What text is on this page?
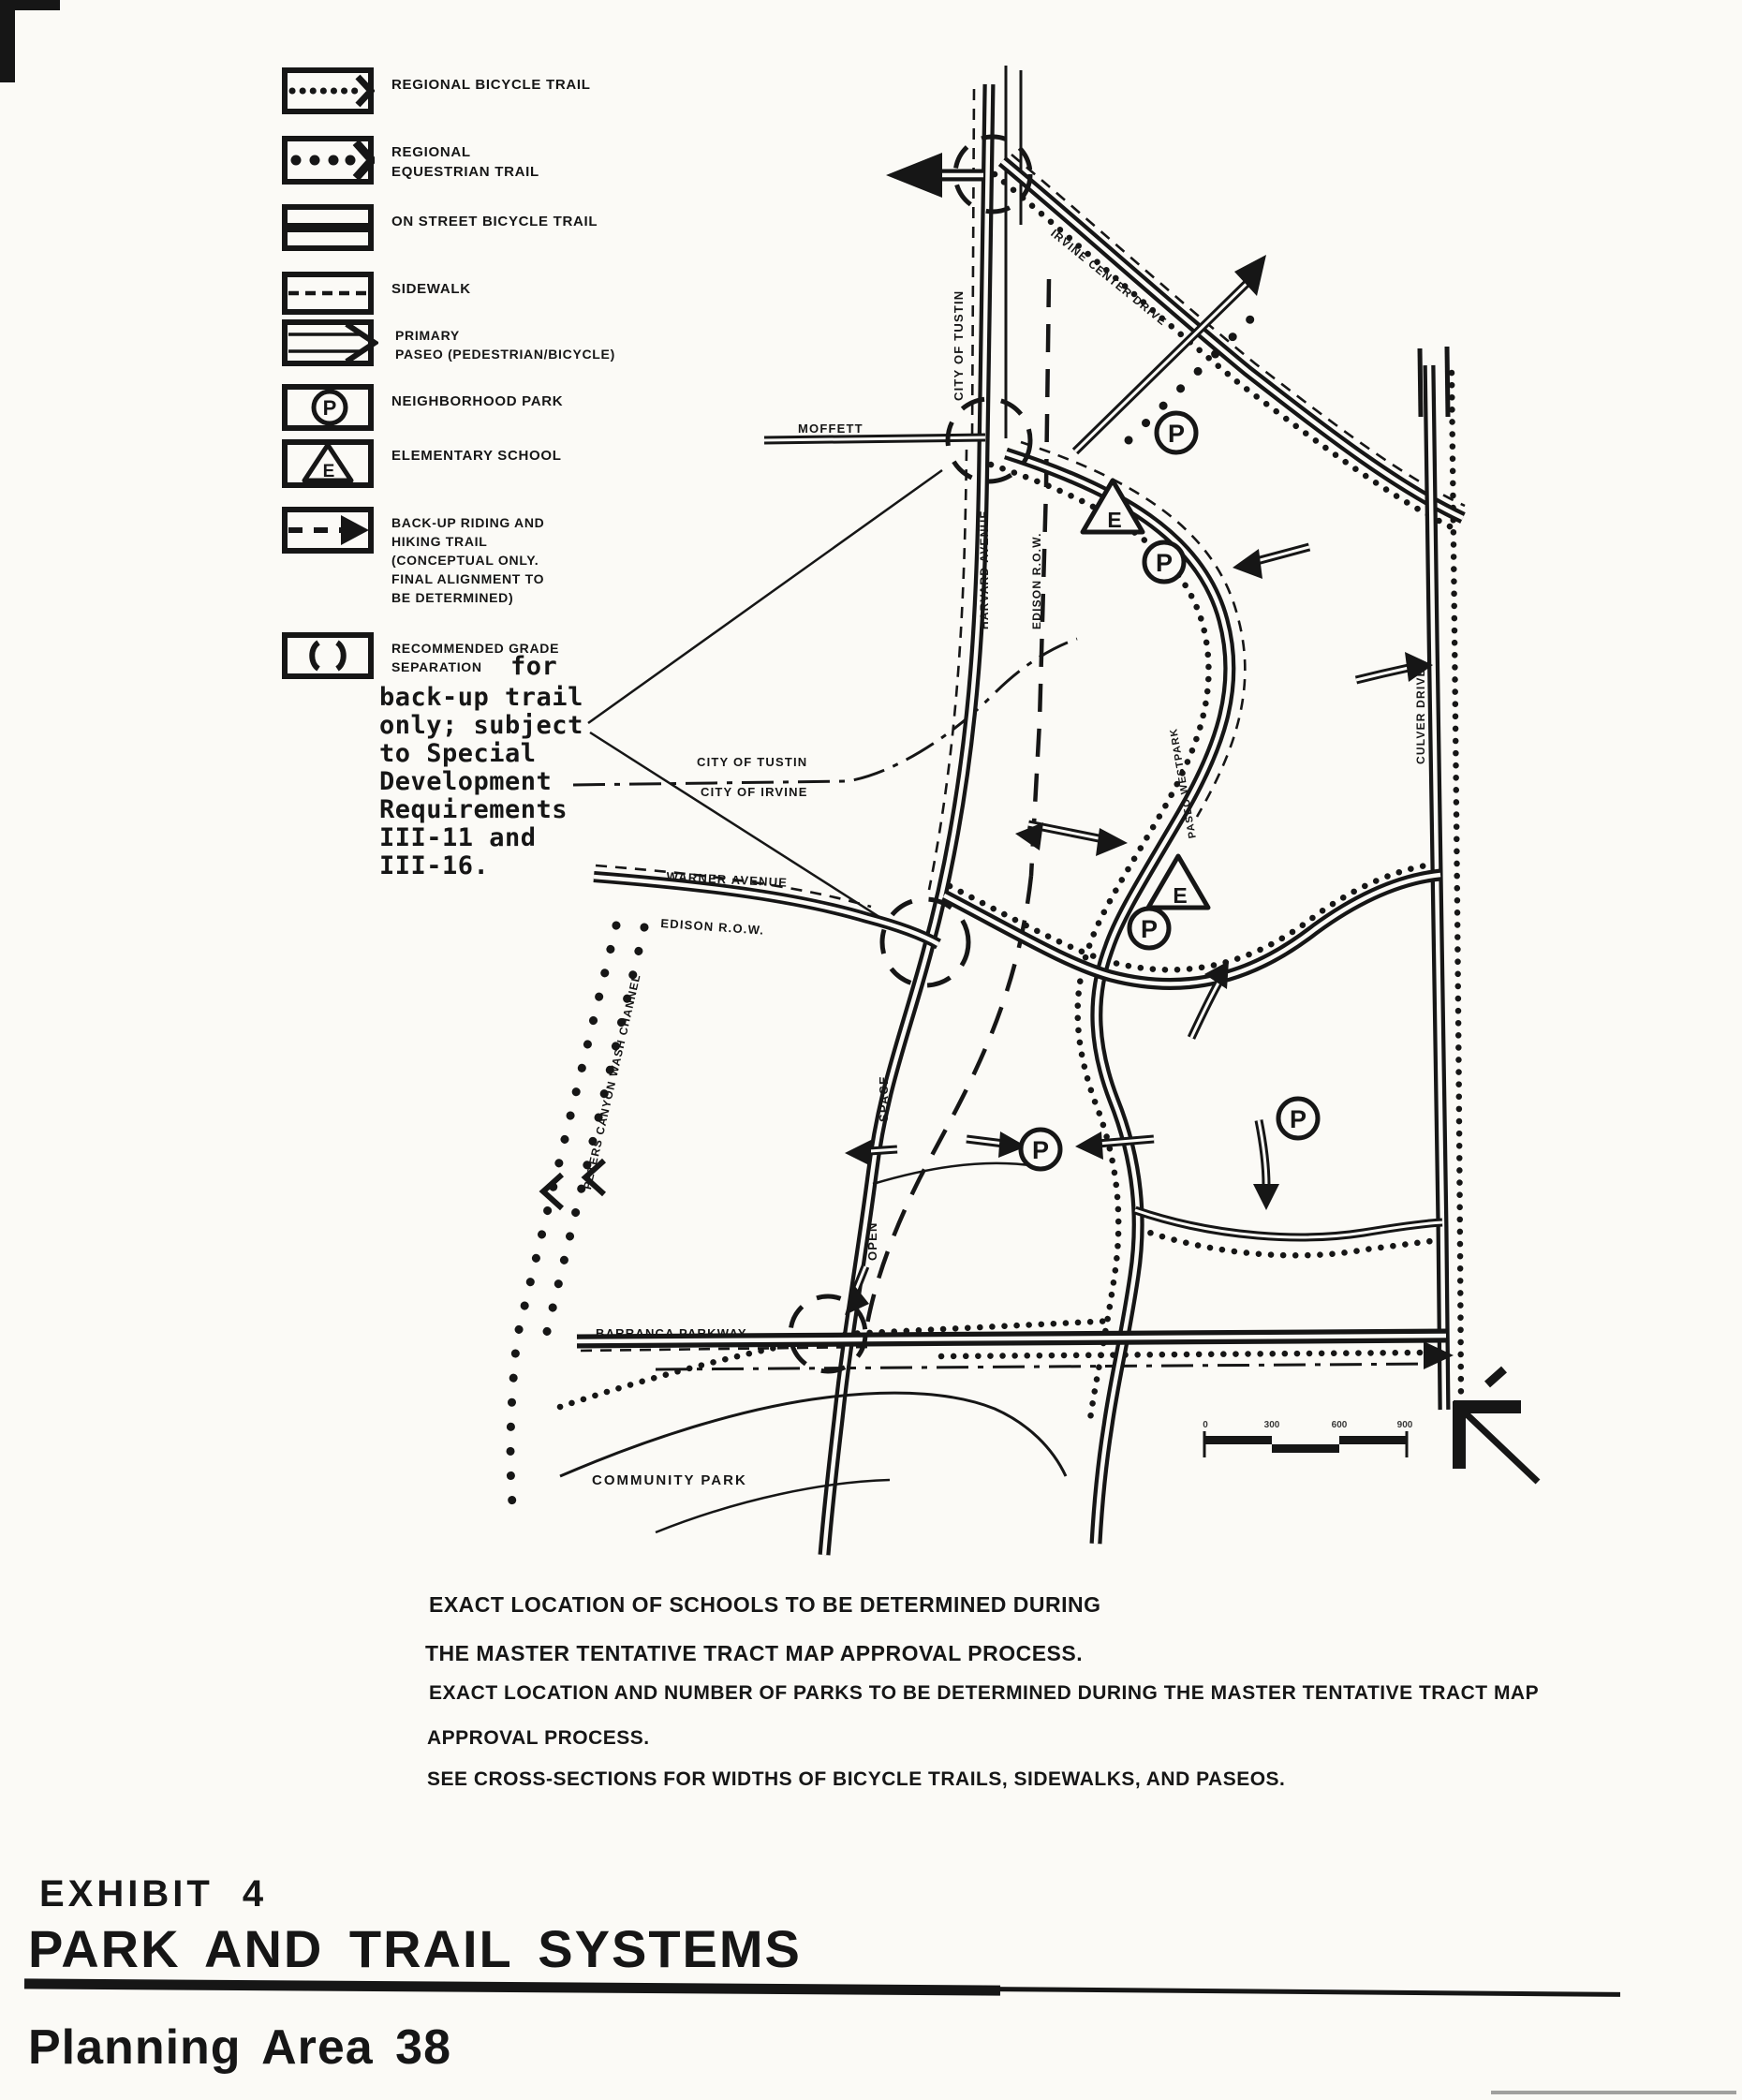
P
P
P
P
P
E
E
0	300	600	900
REGIONAL BICYCLE TRAIL
REGIONAL
EQUESTRIAN TRAIL
ON STREET BICYCLE TRAIL
SIDEWALK
PRIMARY
PASEO (PEDESTRIAN/BICYCLE)
P	NEIGHBORHOOD PARK
E
ELEMENTARY SCHOOL
BACK-UP RIDING AND
HIKING TRAIL
(CONCEPTUAL ONLY.
FINAL ALIGNMENT TO
BE DETERMINED)
RECOMMENDED GRADE
SEPARATION	for
back-up trail
only; subject
to Special
Development
Requirements
III-11 and
III-16.
CITY OF TUSTIN
IRVINE CENTER DRIVE
MOFFETT
HARVARD AVENUE	EDISON R.O.W.
CULVER DRIVE
PASEO WESTPARK
CITY OF TUSTIN
CITY OF IRVINE
WARNER AVENUE
EDISON R.O.W.
PETERS CANYON WASH CHANNEL	SPACE
OPEN
BARRANCA PARKWAY
COMMUNITY PARK
EXACT LOCATION OF SCHOOLS TO BE DETERMINED DURING
THE MASTER TENTATIVE TRACT MAP APPROVAL PROCESS.
EXACT LOCATION AND NUMBER OF PARKS TO BE DETERMINED DURING THE MASTER TENTATIVE TRACT MAP
APPROVAL PROCESS.
SEE CROSS-SECTIONS FOR WIDTHS OF BICYCLE TRAILS, SIDEWALKS, AND PASEOS.
EXHIBIT 4
PARK AND TRAIL SYSTEMS
Planning Area 38
